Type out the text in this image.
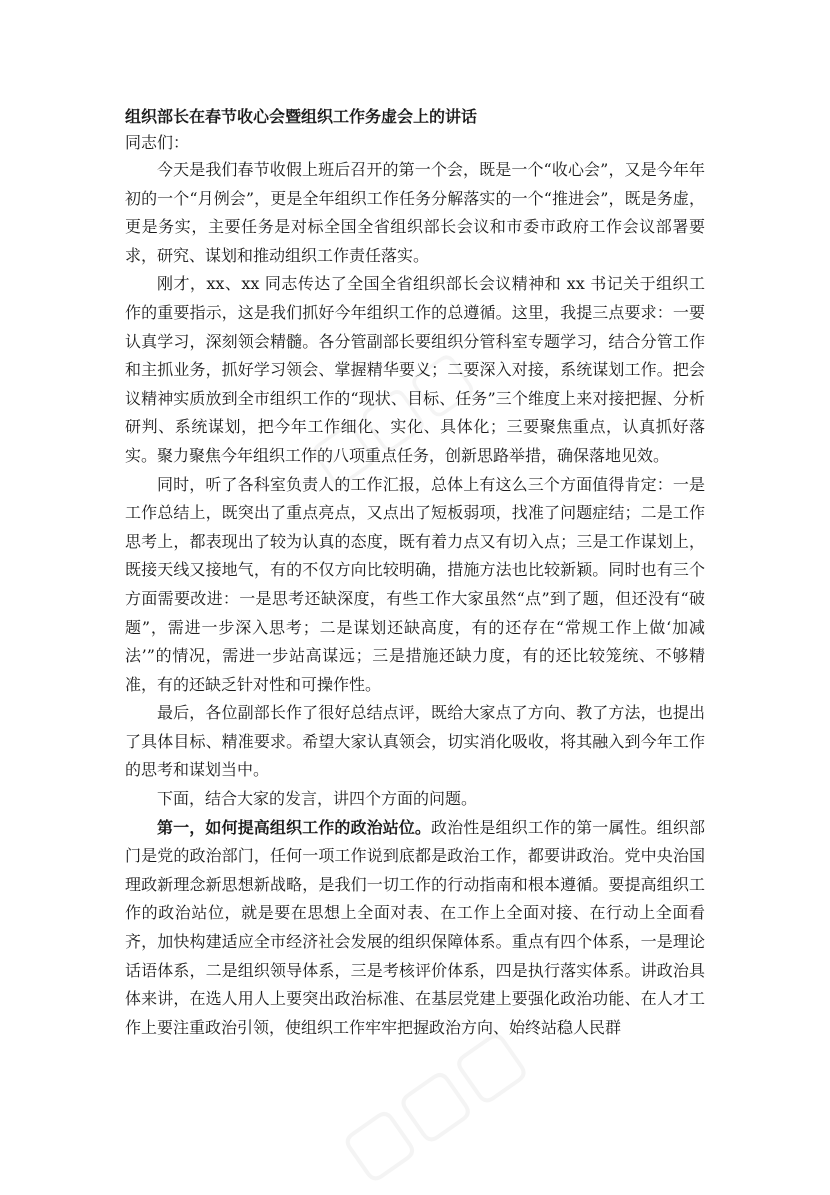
组织部长在春节收心会暨组织工作务虚会上的讲话

同志们：

今天是我们春节收假上班后召开的第一个会，既是一个“收心会”，又是今年年初的一个“月例会”，更是全年组织工作任务分解落实的一个“推进会”，既是务虚，更是务实，主要任务是对标全国全省组织部长会议和市委市政府工作会议部署要求，研究、谋划和推动组织工作责任落实。

刚才，xx、xx 同志传达了全国全省组织部长会议精神和 xx 书记关于组织工作的重要指示，这是我们抓好今年组织工作的总遵循。这里，我提三点要求：一要认真学习，深刻领会精髓。各分管副部长要组织分管科室专题学习，结合分管工作和主抓业务，抓好学习领会、掌握精华要义；二要深入对接，系统谋划工作。把会议精神实质放到全市组织工作的“现状、目标、任务”三个维度上来对接把握、分析研判、系统谋划，把今年工作细化、实化、具体化；三要聚焦重点，认真抓好落实。聚力聚焦今年组织工作的八项重点任务，创新思路举措，确保落地见效。

同时，听了各科室负责人的工作汇报，总体上有这么三个方面值得肯定：一是工作总结上，既突出了重点亮点，又点出了短板弱项，找准了问题症结；二是工作思考上，都表现出了较为认真的态度，既有着力点又有切入点；三是工作谋划上，既接天线又接地气，有的不仅方向比较明确，措施方法也比较新颖。同时也有三个方面需要改进：一是思考还缺深度，有些工作大家虽然“点”到了题，但还没有“破题”，需进一步深入思考；二是谋划还缺高度，有的还存在“常规工作上做‘加减法’”的情况，需进一步站高谋远；三是措施还缺力度，有的还比较笼统、不够精准，有的还缺乏针对性和可操作性。

最后，各位副部长作了很好总结点评，既给大家点了方向、教了方法，也提出了具体目标、精准要求。希望大家认真领会，切实消化吸收，将其融入到今年工作的思考和谋划当中。

下面，结合大家的发言，讲四个方面的问题。

第一，如何提高组织工作的政治站位。政治性是组织工作的第一属性。组织部门是党的政治部门，任何一项工作说到底都是政治工作，都要讲政治。党中央治国理政新理念新思想新战略，是我们一切工作的行动指南和根本遵循。要提高组织工作的政治站位，就是要在思想上全面对表、在工作上全面对接、在行动上全面看齐，加快构建适应全市经济社会发展的组织保障体系。重点有四个体系，一是理论话语体系，二是组织领导体系，三是考核评价体系，四是执行落实体系。讲政治具体来讲，在选人用人上要突出政治标准、在基层党建上要强化政治功能、在人才工作上要注重政治引领，使组织工作牢牢把握政治方向、始终站稳人民群
